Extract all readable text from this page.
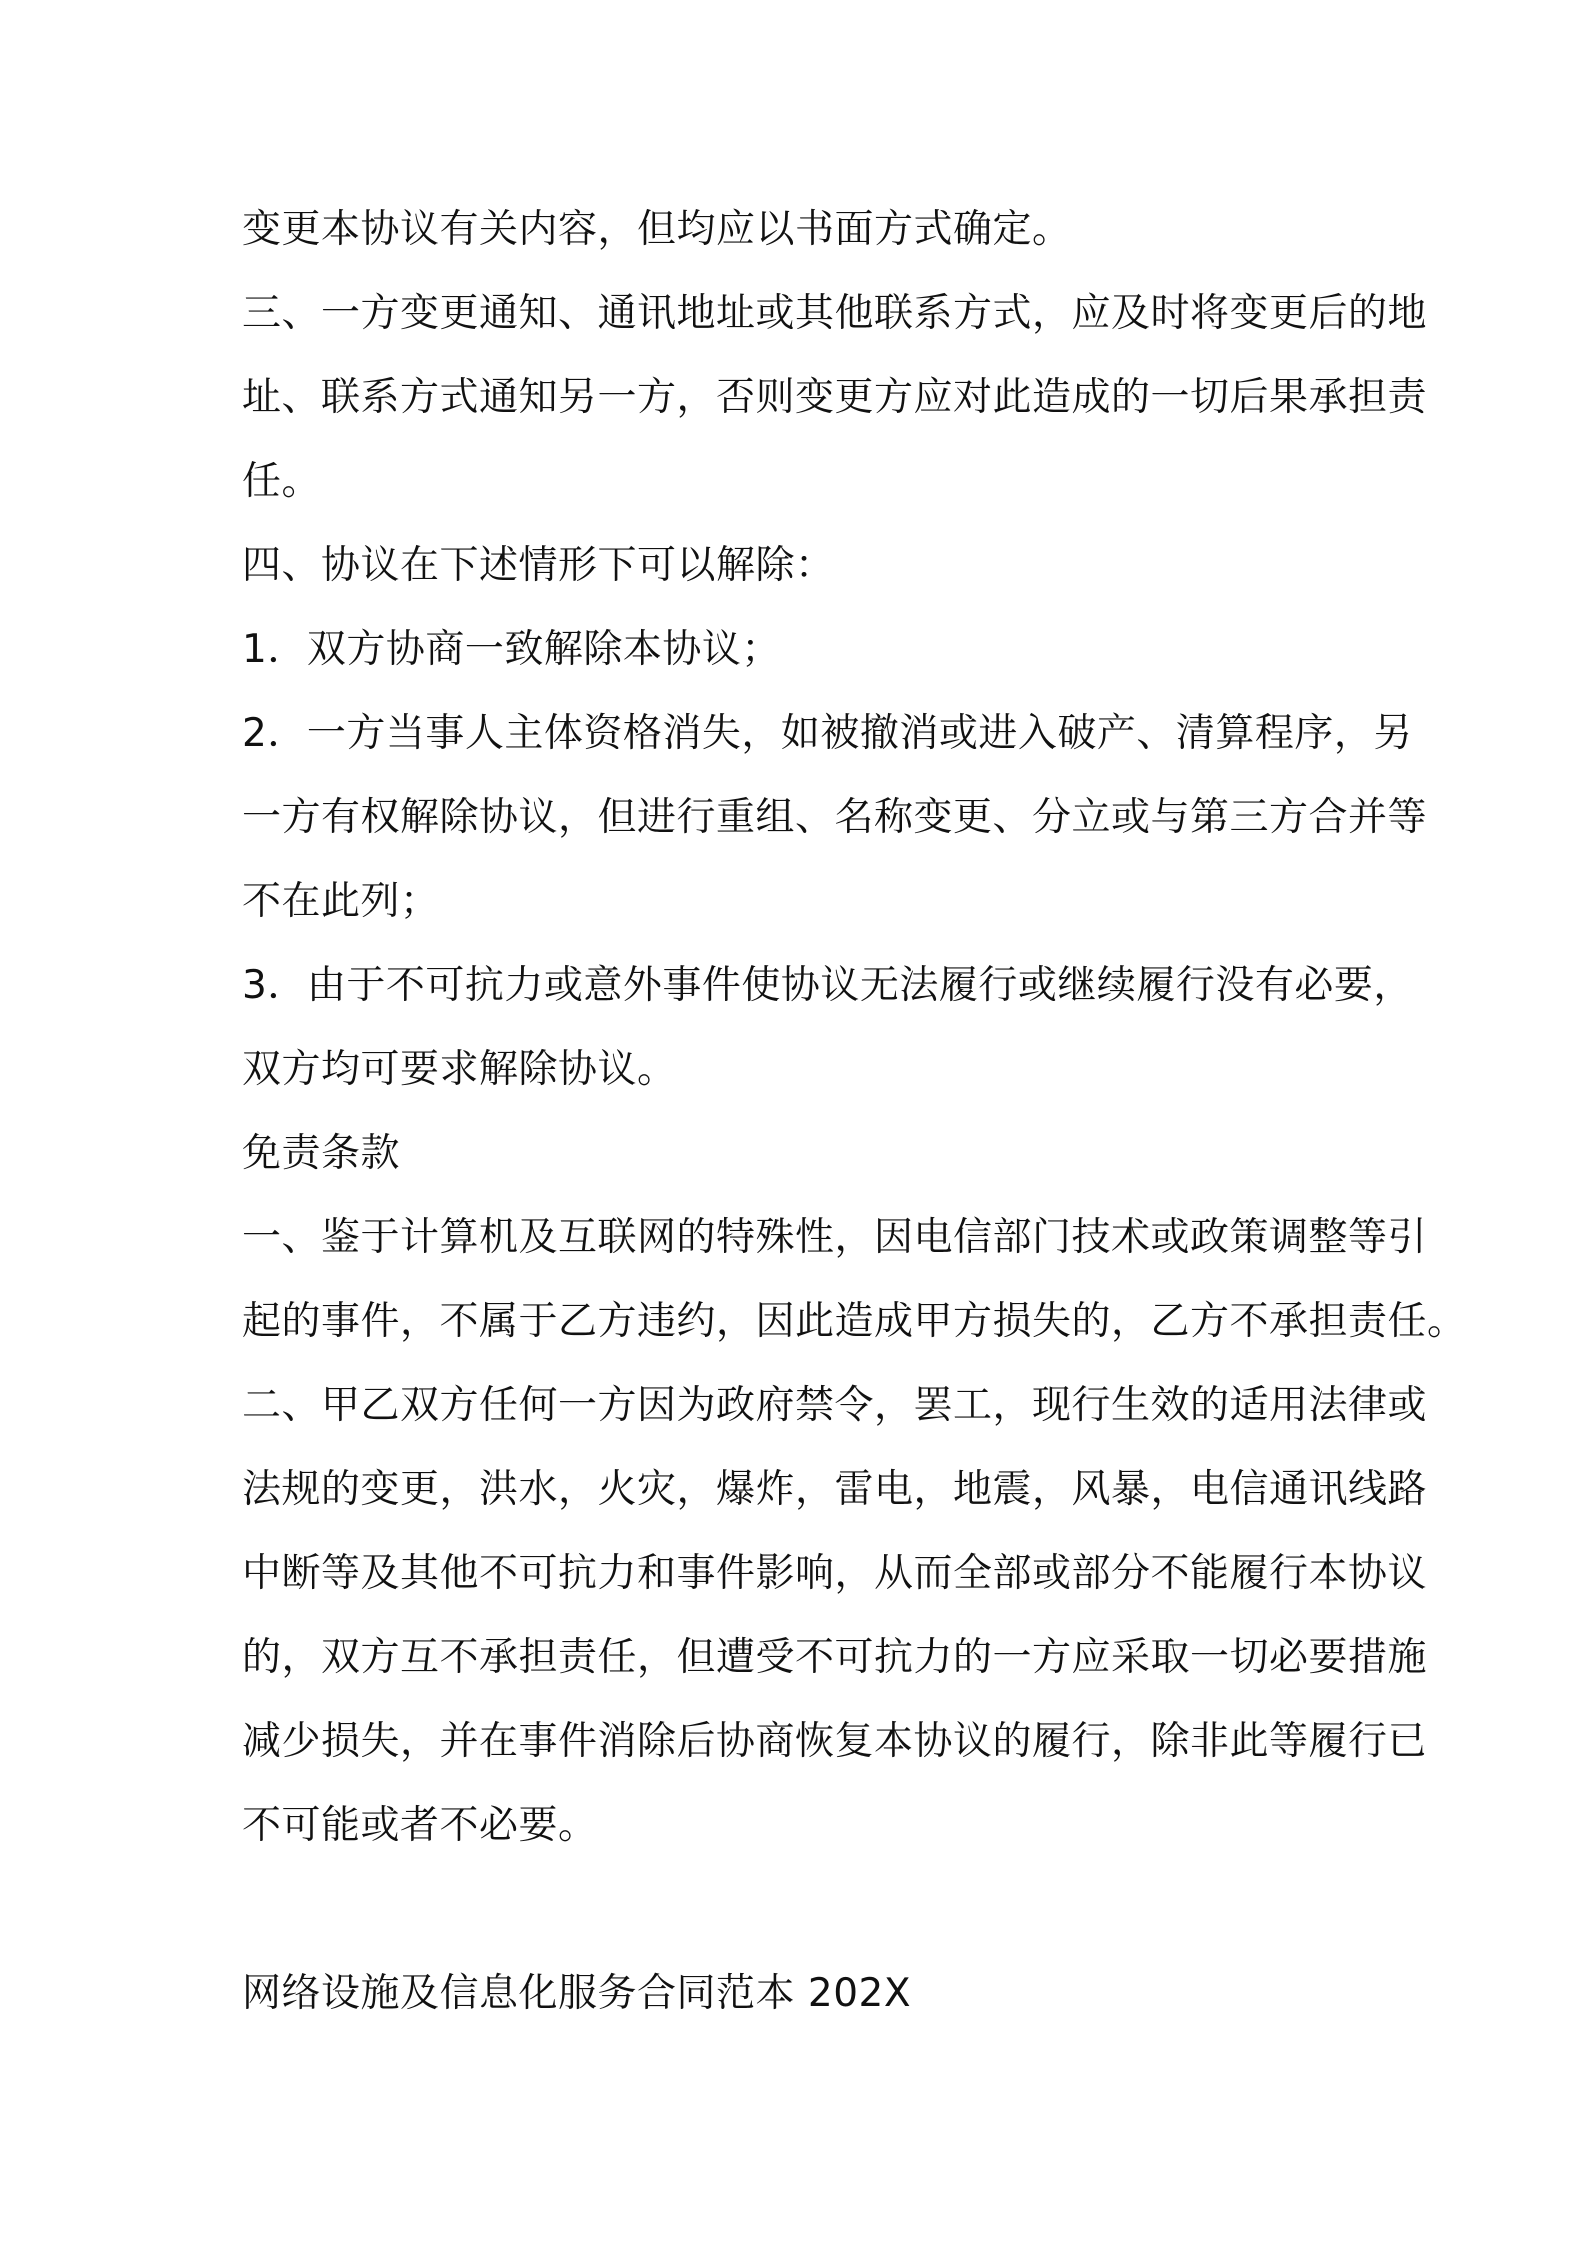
变更本协议有关内容，但均应以书面方式确定。

三、一方变更通知、通讯地址或其他联系方式，应及时将变更后的地

址、联系方式通知另一方，否则变更方应对此造成的一切后果承担责

任。

四、协议在下述情形下可以解除：

1．双方协商一致解除本协议；

2．一方当事人主体资格消失，如被撤消或进入破产、清算程序，另

一方有权解除协议，但进行重组、名称变更、分立或与第三方合并等

不在此列；

3．由于不可抗力或意外事件使协议无法履行或继续履行没有必要，

双方均可要求解除协议。

免责条款

一、鉴于计算机及互联网的特殊性，因电信部门技术或政策调整等引

起的事件，不属于乙方违约，因此造成甲方损失的，乙方不承担责任。

二、甲乙双方任何一方因为政府禁令，罢工，现行生效的适用法律或

法规的变更，洪水，火灾，爆炸，雷电，地震，风暴，电信通讯线路

中断等及其他不可抗力和事件影响，从而全部或部分不能履行本协议

的，双方互不承担责任，但遭受不可抗力的一方应采取一切必要措施

减少损失，并在事件消除后协商恢复本协议的履行，除非此等履行已

不可能或者不必要。

网络设施及信息化服务合同范本 202X
